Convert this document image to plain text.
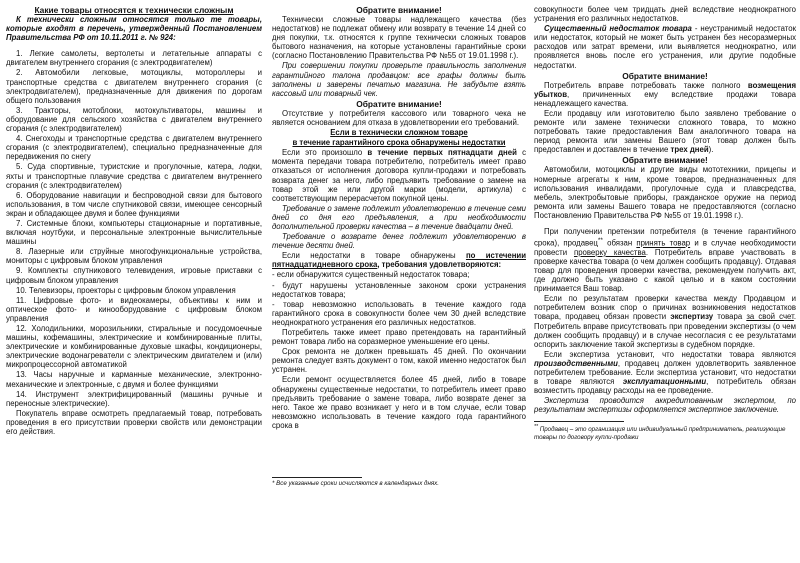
Какие товары относятся к технически сложным

К технически сложным относятся только те товары, которые входят в перечень, утвержденный Постановлением Правительства РФ от 10.11.2011 г. № 924:

1. Легкие самолеты, вертолеты и летательные аппараты с двигателем внутреннего сгорания (с электродвигателем)

2. Автомобили легковые, мотоциклы, мотороллеры и транспортные средства с двигателем внутреннего сгорания (с электродвигателем), предназначенные для движения по дорогам общего пользования

3. Тракторы, мотоблоки, мотокультиваторы, машины и оборудование для сельского хозяйства с двигателем внутреннего сгорания (с электродвигателем)

4. Снегоходы и транспортные средства с двигателем внутреннего сгорания (с электродвигателем), специально предназначенные для передвижения по снегу

5. Суда спортивные, туристские и прогулочные, катера, лодки, яхты и транспортные плавучие средства с двигателем внутреннего сгорания (с электродвигателем)

6. Оборудование навигации и беспроводной связи для бытового использования, в том числе спутниковой связи, имеющее сенсорный экран и обладающее двумя и более функциями

7. Системные блоки, компьютеры стационарные и портативные, включая ноутбуки, и персональные электронные вычислительные машины

8. Лазерные или струйные многофункциональные устройства, мониторы с цифровым блоком управления

9. Комплекты спутникового телевидения, игровые приставки с цифровым блоком управления

10. Телевизоры, проекторы с цифровым блоком управления

11. Цифровые фото- и видеокамеры, объективы к ним и оптическое фото- и кинооборудование с цифровым блоком управления

12. Холодильники, морозильники, стиральные и посудомоечные машины, кофемашины, электрические и комбинированные плиты, электрические и комбинированные духовые шкафы, кондиционеры, электрические водонагреватели с электрическим двигателем и (или) микропроцессорной автоматикой

13. Часы наручные и карманные механические, электронно-механические и электронные, с двумя и более функциями

14. Инструмент электрифицированный (машины ручные и переносные электрические).

Покупатель вправе осмотреть предлагаемый товар, потребовать проведения в его присутствии проверки свойств или демонстрации его действия.

Обратите внимание!

Технически сложные товары надлежащего качества (без недостатков) не подлежат обмену или возврату в течение 14 дней со дня покупки, т.к. относятся к группе технически сложных товаров бытового назначения, на которые установлены гарантийные сроки (согласно Постановлению Правительства РФ №55 от 19.01.1998 г.).

При совершении покупки проверьте правильность заполнения гарантийного талона продавцом: все графы должны быть заполнены и заверены печатью магазина. Не забудьте взять кассовый или товарный чек.

Обратите внимание!

Отсутствие у потребителя кассового или товарного чека не является основанием для отказа в удовлетворении его требований.

Если в технически сложном товаре

в течение гарантийного срока обнаружены недостатки

Если это произошло в течение первых пятнадцати дней с момента передачи товара потребителю, потребитель имеет право отказаться от исполнения договора купли-продажи и потребовать возврата денег за него, либо предъявить требование о замене на товар этой же или другой марки (модели, артикула) с соответствующим перерасчетом покупной цены.

Требование о замене подлежит удовлетворению в течение семи дней со дня его предъявления, а при необходимости дополнительной проверки качества – в течение двадцати дней.

Требование о возврате денег подлежит удовлетворению в течение десяти дней.

Если недостатки в товаре обнаружены по истечении пятнадцатидневного срока, требования удовлетворяются:

- если обнаружится существенный недостаток товара;

- будут нарушены установленные законом сроки устранения недостатков товара;

- товар невозможно использовать в течение каждого года гарантийного срока в совокупности более чем 30 дней вследствие неоднократного устранения его различных недостатков.

Потребитель также имеет право претендовать на гарантийный ремонт товара либо на соразмерное уменьшение его цены.

Срок ремонта не должен превышать 45 дней. По окончании ремонта следует взять документ о том, какой именно недостаток был устранен.

Если ремонт осуществляется более 45 дней, либо в товаре обнаружены существенные недостатки, то потребитель имеет право предъявить требование о замене товара, либо возврате денег за него. Такое же право возникает у него и в том случае, если товар невозможно использовать в течение каждого года гарантийного срока в

* Все указанные сроки исчисляются в календарных днях.

совокупности более чем тридцать дней вследствие неоднократного устранения его различных недостатков.

Существенный недостаток товара - неустранимый недостаток или недостаток, который не может быть устранен без несоразмерных расходов или затрат времени, или выявляется неоднократно, или проявляется вновь после его устранения, или другие подобные недостатки.

Обратите внимание!

Потребитель вправе потребовать также полного возмещения убытков, причиненных ему вследствие продажи товара ненадлежащего качества.

Если продавцу или изготовителю было заявлено требование о ремонте или замене технически сложного товара, то можно потребовать такие предоставления Вам аналогичного товара на период ремонта или замены Вашего (этот товар должен быть предоставлен и доставлен в течение трех дней).

Обратите внимание!

Автомобили, мотоциклы и другие виды мототехники, прицепы и номерные агрегаты к ним, кроме товаров, предназначенных для использования инвалидами, прогулочные суда и плавсредства, мебель, электробытовые приборы, гражданское оружие на период ремонта или замены Вашего товара не предоставляются (согласно Постановлению Правительства РФ №55 от 19.01.1998 г.).

При получении претензии потребителя (в течение гарантийного срока), продавец** обязан принять товар и в случае необходимости провести проверку качества. Потребитель вправе участвовать в проверке качества товара (о чем должен сообщить продавцу). Отдавая товар для проведения проверки качества, рекомендуем получить акт, где должно быть указано с какой целью и в каком состоянии принимается Ваш товар.

Если по результатам проверки качества между Продавцом и потребителем возник спор о причинах возникновения недостатков товара, продавец обязан провести экспертизу товара за свой счет. Потребитель вправе присутствовать при проведении экспертизы (о чем должен сообщить продавцу) и в случае несогласия с ее результатами оспорить заключение такой экспертизы в судебном порядке.

Если экспертиза установит, что недостатки товара являются производственными, продавец должен удовлетворить заявленное потребителем требование. Если экспертиза установит, что недостатки в товаре являются эксплуатационными, потребитель обязан возместить продавцу расходы на ее проведение.

Экспертиза проводится аккредитованным экспертом, по результатам экспертизы оформляется экспертное заключение.

** Продавец – это организация или индивидуальный предприниматель, реализующие товары по договору купли-продажи
